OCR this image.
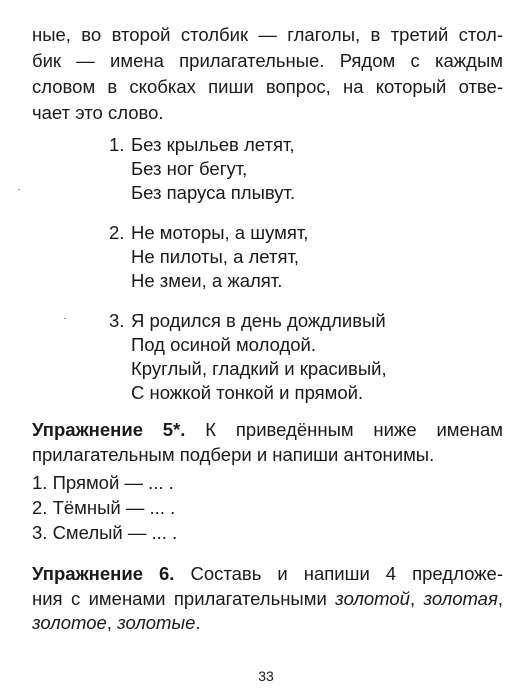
ные, во второй столбик — глаголы, в третий стол-
бик — имена прилагательные. Рядом с каждым
словом в скобках пиши вопрос, на который отве-
чает это слово.
1. Без крыльев летят,
Без ног бегут,
Без паруса плывут.
2. Не моторы, а шумят,
Не пилоты, а летят,
Не змеи, а жалят.
3. Я родился в день дождливый
Под осиной молодой.
Круглый, гладкий и красивый,
С ножкой тонкой и прямой.
Упражнение 5*. К приведённым ниже именам
прилагательным подбери и напиши антонимы.
1. Прямой — ... .
2. Тёмный — ... .
3. Смелый — ... .
Упражнение 6. Составь и напиши 4 предложе-
ния с именами прилагательными золотой, золотая,
золотое, золотые.
33
